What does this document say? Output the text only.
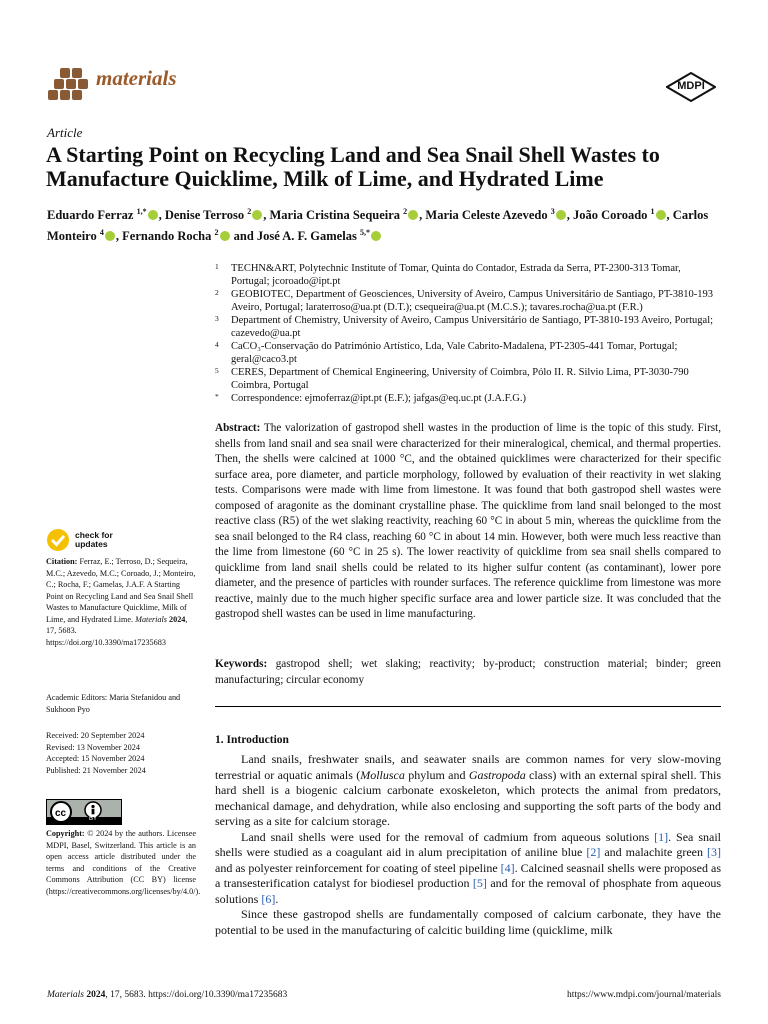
materials	MDPI
Article
A Starting Point on Recycling Land and Sea Snail Shell Wastes to Manufacture Quicklime, Milk of Lime, and Hydrated Lime
Eduardo Ferraz $^{1,*}$ , Denise Terroso $^2$ , Maria Cristina Sequeira $^2$ , Maria Celeste Azevedo $^3$ , João Coroado $^1$ , Carlos Monteiro $^4$ , Fernando Rocha $^2$ and José A. F. Gamelas $^{5,*}$
1	TECHN&ART, Polytechnic Institute of Tomar, Quinta do Contador, Estrada da Serra, PT-2300-313 Tomar, Portugal; jcoroado@ipt.pt
2	GEOBIOTEC, Department of Geosciences, University of Aveiro, Campus Universitário de Santiago, PT-3810-193 Aveiro, Portugal; laraterroso@ua.pt (D.T.); csequeira@ua.pt (M.C.S.); tavares.rocha@ua.pt (F.R.)
3	Department of Chemistry, University of Aveiro, Campus Universitário de Santiago, PT-3810-193 Aveiro, Portugal; cazevedo@ua.pt
4	CaCO₃-Conservação do Património Artístico, Lda, Vale Cabrito-Madalena, PT-2305-441 Tomar, Portugal; geral@caco3.pt
5	CERES, Department of Chemical Engineering, University of Coimbra, Pólo II. R. Silvio Lima, PT-3030-790 Coimbra, Portugal
*	Correspondence: ejmoferraz@ipt.pt (E.F.); jafgas@eq.uc.pt (J.A.F.G.)
Abstract: The valorization of gastropod shell wastes in the production of lime is the topic of this study. First, shells from land snail and sea snail were characterized for their mineralogical, chemical, and thermal properties. Then, the shells were calcined at 1000 °C, and the obtained quicklimes were characterized for their specific surface area, pore diameter, and particle morphology, followed by evaluation of their reactivity in wet slaking tests. Comparisons were made with lime from limestone. It was found that both gastropod shell wastes were composed of aragonite as the dominant crystalline phase. The quicklime from land snail belonged to the most reactive class (R5) of the wet slaking reactivity, reaching 60 °C in about 5 min, whereas the quicklime from the sea snail belonged to the R4 class, reaching 60 °C in about 14 min. However, both were much less reactive than the lime from limestone (60 °C in 25 s). The lower reactivity of quicklime from sea snail shells compared to quicklime from land snail shells could be related to its higher sulfur content (as contaminant), lower pore diameter, and the presence of particles with rounder surfaces. The reference quicklime from limestone was more reactive, mainly due to the much higher specific surface area and lower particle size. It was concluded that the gastropod shell wastes can be used in lime manufacturing.
Keywords: gastropod shell; wet slaking; reactivity; by-product; construction material; binder; green manufacturing; circular economy
1. Introduction

Land snails, freshwater snails, and seawater snails are common names for very slow-moving terrestrial or aquatic animals (Mollusca phylum and Gastropoda class) with an external spiral shell. This hard shell is a biogenic calcium carbonate exoskeleton, which protects the animal from predators, mechanical damage, and dehydration, while also enclosing and supporting the soft parts of the body and serving as a site for calcium storage.

Land snail shells were used for the removal of cadmium from aqueous solutions [1]. Sea snail shells were studied as a coagulant aid in alum precipitation of aniline blue [2] and malachite green [3] and as polyester reinforcement for coating of steel pipeline [4]. Calcined seasnail shells were proposed as a transesterification catalyst for biodiesel production [5] and for the removal of phosphate from aqueous solutions [6].

Since these gastropod shells are fundamentally composed of calcium carbonate, they have the potential to be used in the manufacturing of calcitic building lime (quicklime, milk

check for
updates
Citation: Ferraz, E.; Terroso, D.; Sequeira, M.C.; Azevedo, M.C.; Coroado, J.; Monteiro, C.; Rocha, F.; Gamelas, J.A.F. A Starting Point on Recycling Land and Sea Snail Shell Wastes to Manufacture Quicklime, Milk of Lime, and Hydrated Lime. Materials 2024, 17, 5683. https://doi.org/10.3390/ma17235683
Academic Editors: Maria Stefanidou and Sukhoon Pyo
Received: 20 September 2024
Revised: 13 November 2024
Accepted: 15 November 2024
Published: 21 November 2024
cc	BY
Copyright: © 2024 by the authors. Licensee MDPI, Basel, Switzerland. This article is an open access article distributed under the terms and conditions of the Creative Commons Attribution (CC BY) license (https://creativecommons.org/licenses/by/4.0/).
Materials 2024, 17, 5683. https://doi.org/10.3390/ma17235683	https://www.mdpi.com/journal/materials
